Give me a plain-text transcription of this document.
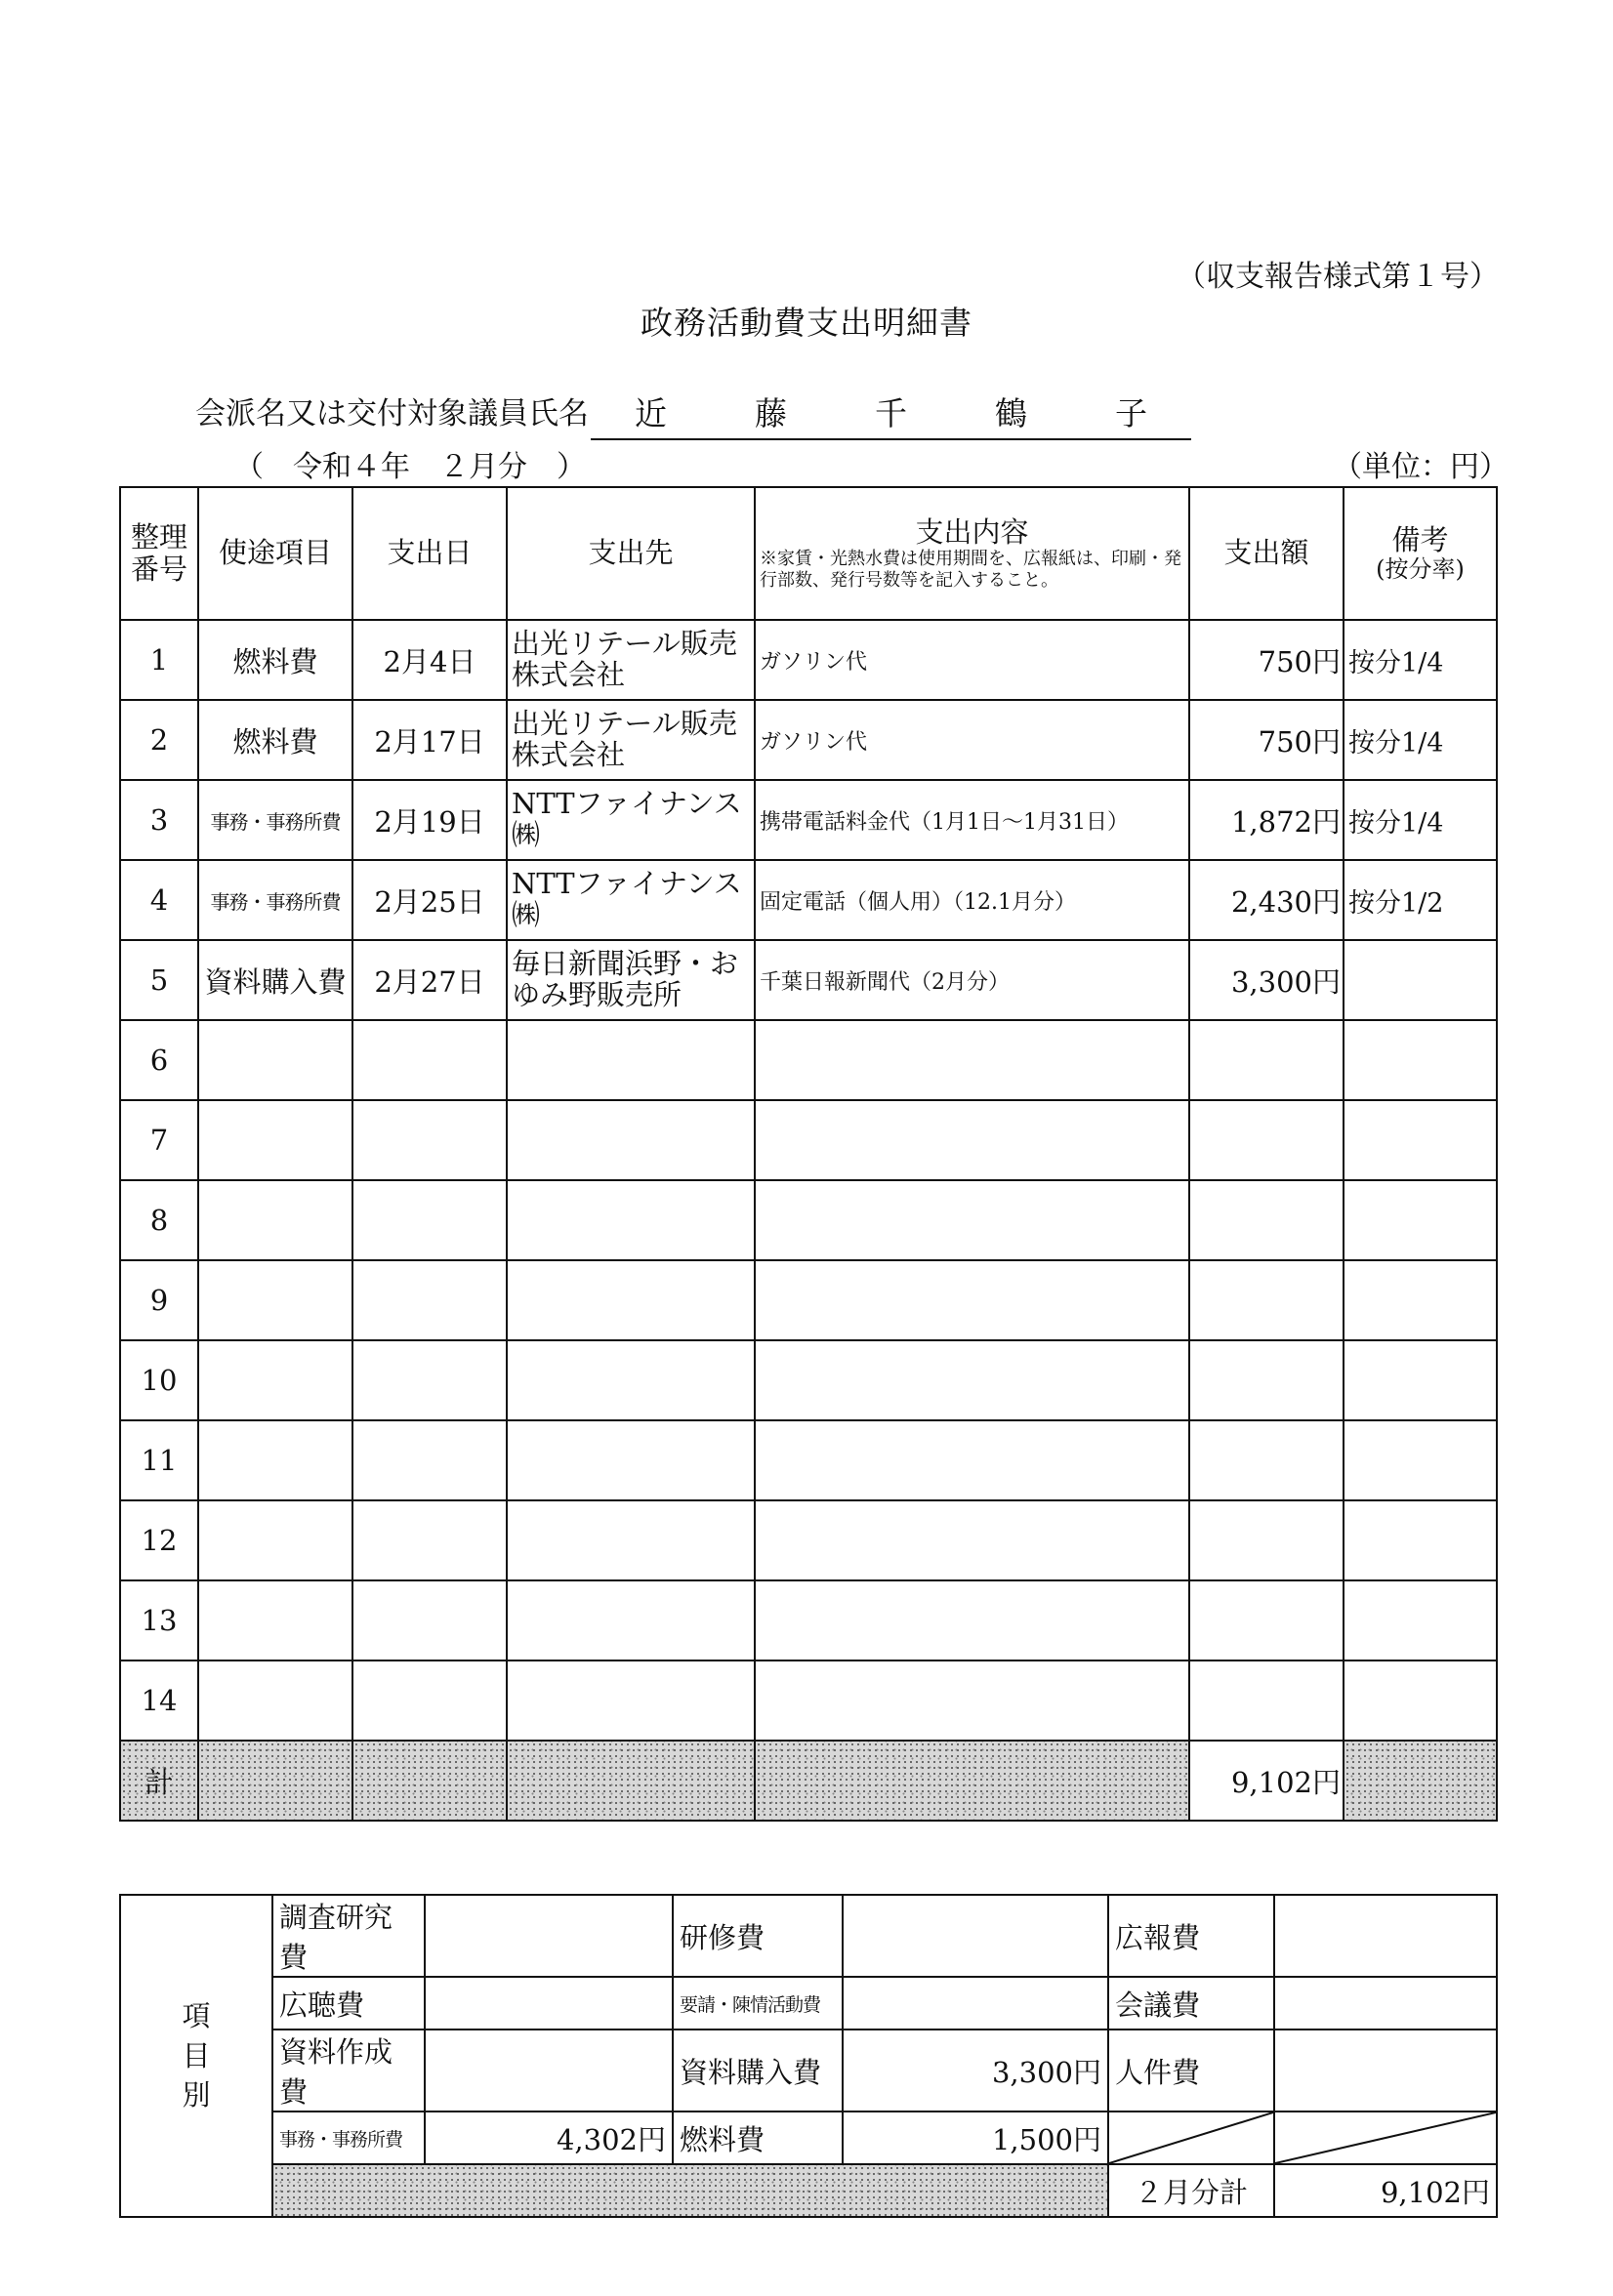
（収支報告様式第１号）
政務活動費支出明細書
会派名又は交付対象議員氏名 近	藤	千	鶴	子
（　令和４年　２月分　）	（単位：円）
整理番号	使途項目	支出日	支出先	支出内容
※家賃・光熱水費は使用期間を、広報紙は、印刷・発行部数、発行号数等を記入すること。	支出額	備考
(按分率)

1	燃料費	2月4日	出光リテール販売株式会社	ガソリン代	750円	按分1/4
2	燃料費	2月17日	出光リテール販売株式会社	ガソリン代	750円	按分1/4
3	事務・事務所費	2月19日	NTTファイナンス㈱	携帯電話料金代（1月1日～1月31日）	1,872円	按分1/4
4	事務・事務所費	2月25日	NTTファイナンス㈱	固定電話（個人用）（12.1月分）	2,430円	按分1/2
5	資料購入費	2月27日	毎日新聞浜野・おゆみ野販売所	千葉日報新聞代（2月分）	3,300円	
6						
7						
8						
9						
10						
11						
12						
13						
14						
計					9,102円	
項
目
別	調査研究費		研修費		広報費	
	広聴費		要請・陳情活動費		会議費	
	資料作成費		資料購入費	3,300円	人件費	
	事務・事務所費	4,302円	燃料費	1,500円	

					２月分計	9,102円
